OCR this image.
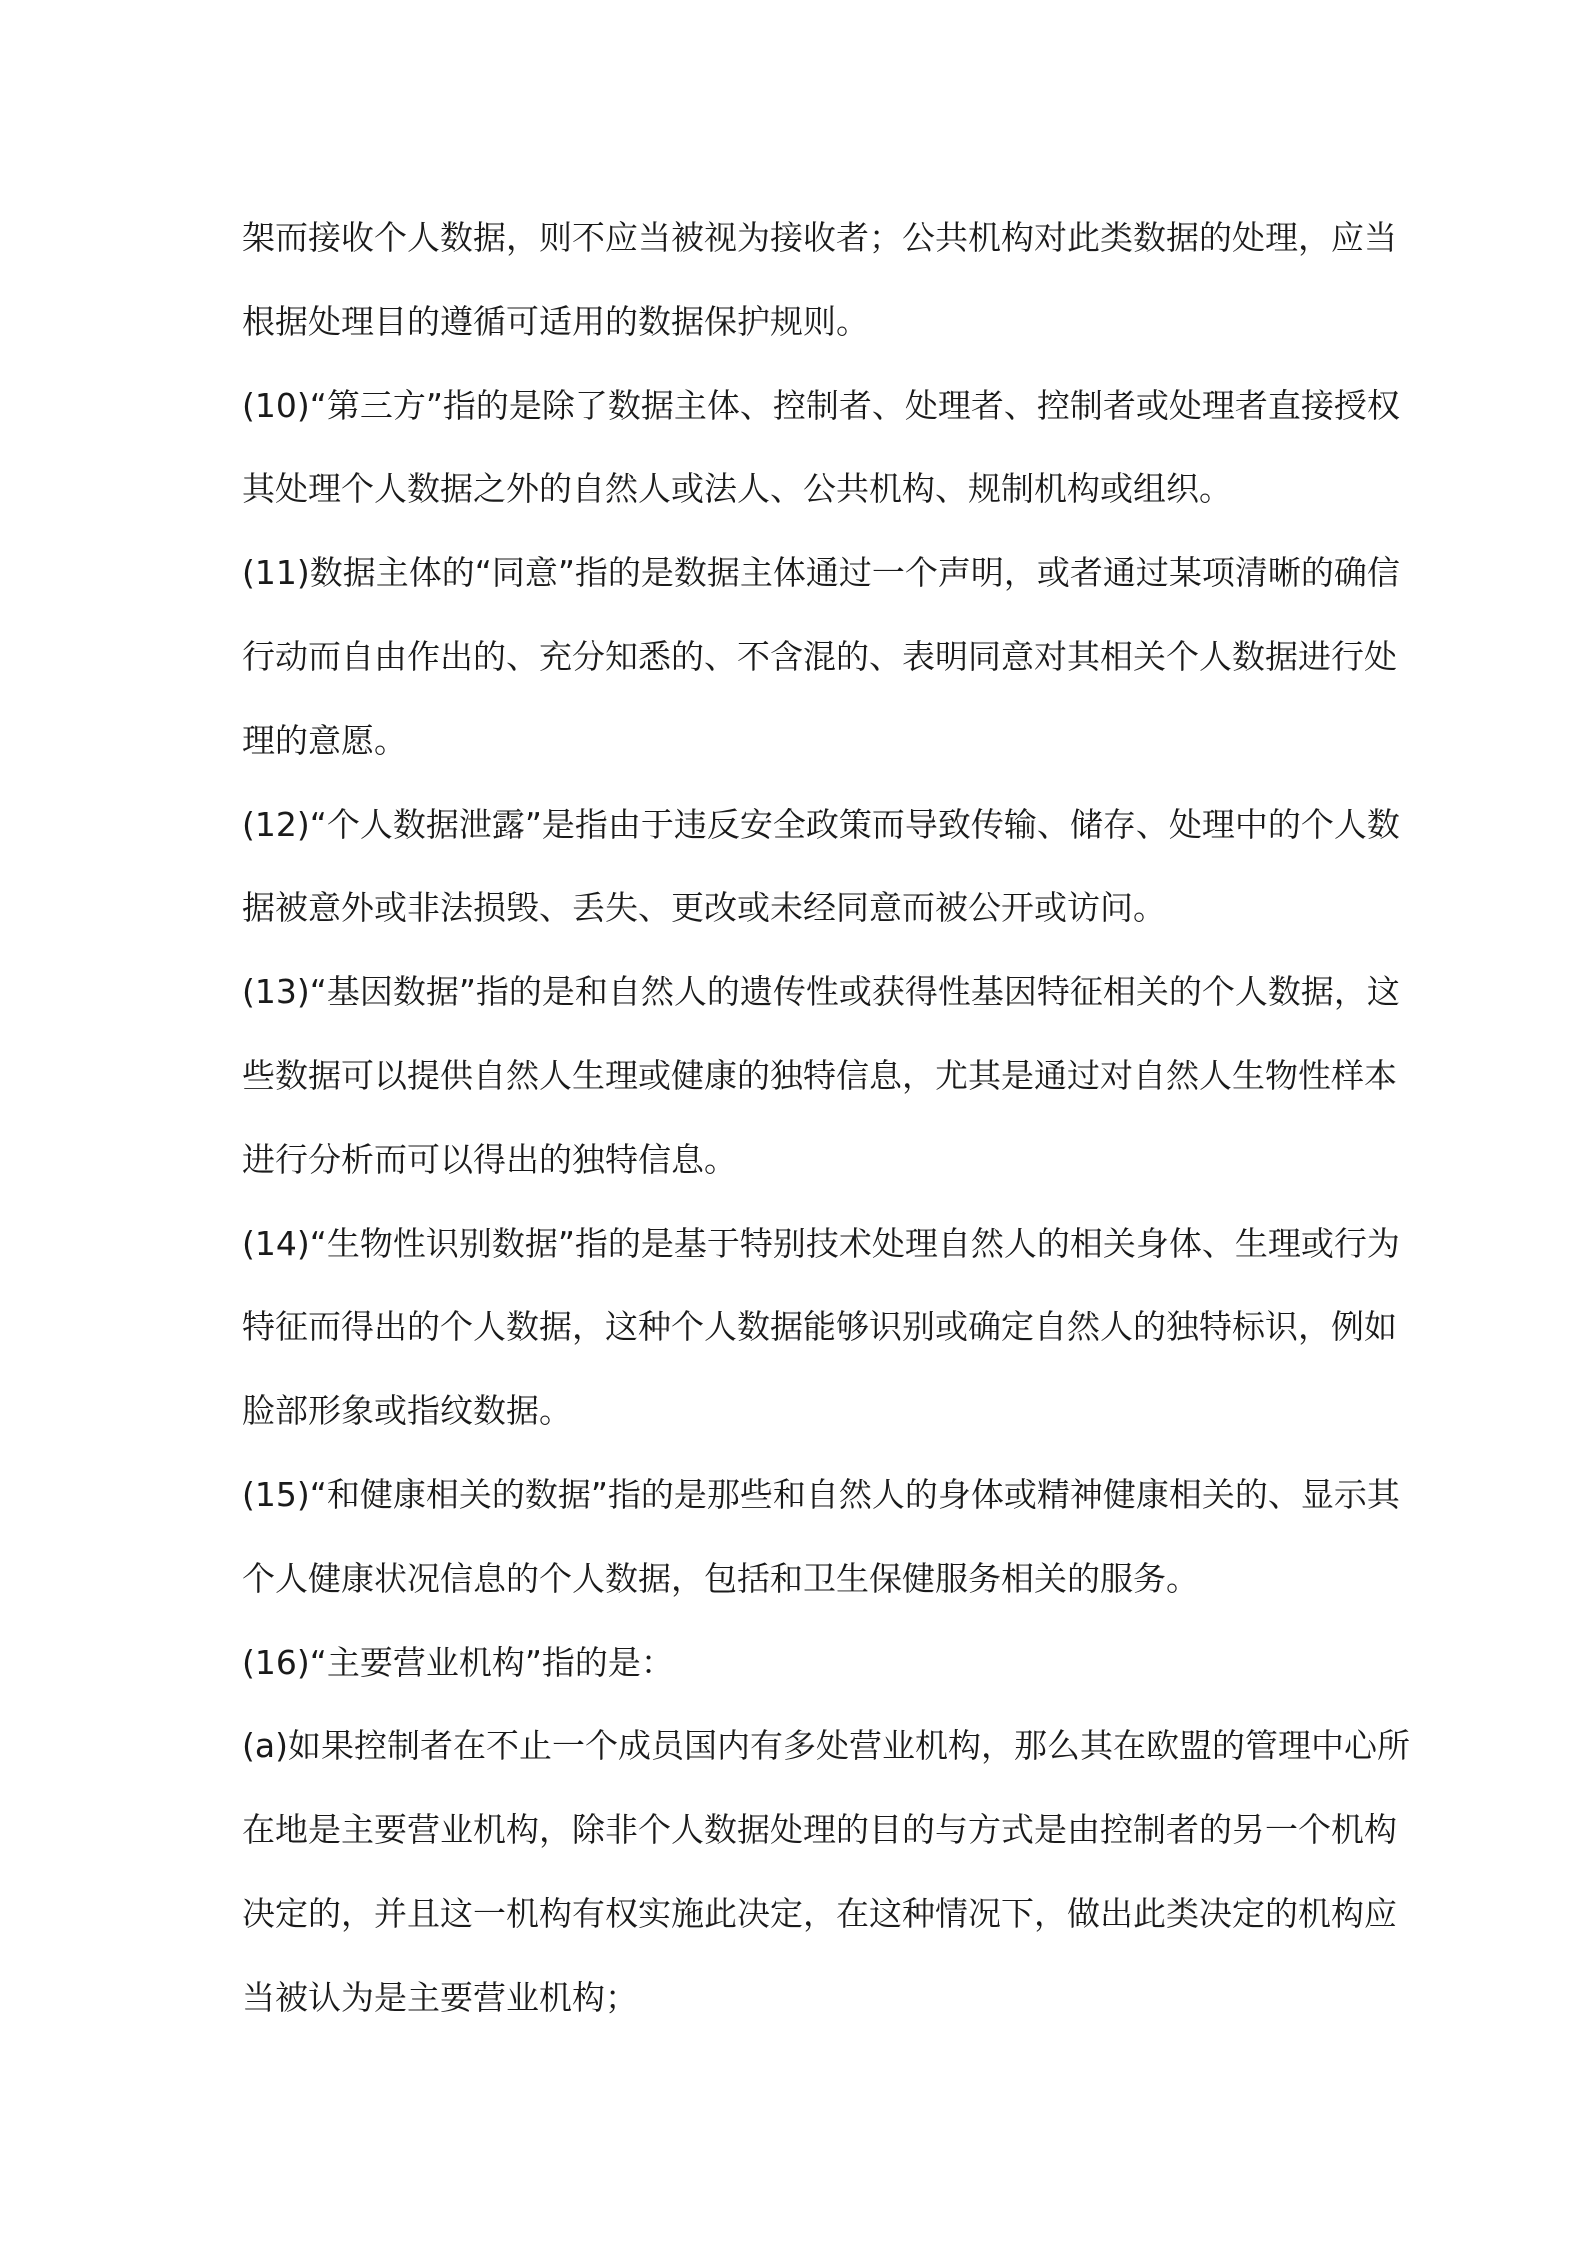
架而接收个人数据，则不应当被视为接收者；公共机构对此类数据的处理，应当
根据处理目的遵循可适用的数据保护规则。
(10)“第三方”指的是除了数据主体、控制者、处理者、控制者或处理者直接授权
其处理个人数据之外的自然人或法人、公共机构、规制机构或组织。
(11)数据主体的“同意”指的是数据主体通过一个声明，或者通过某项清晰的确信
行动而自由作出的、充分知悉的、不含混的、表明同意对其相关个人数据进行处
理的意愿。
(12)“个人数据泄露”是指由于违反安全政策而导致传输、储存、处理中的个人数
据被意外或非法损毁、丢失、更改或未经同意而被公开或访问。
(13)“基因数据”指的是和自然人的遗传性或获得性基因特征相关的个人数据，这
些数据可以提供自然人生理或健康的独特信息，尤其是通过对自然人生物性样本
进行分析而可以得出的独特信息。
(14)“生物性识别数据”指的是基于特别技术处理自然人的相关身体、生理或行为
特征而得出的个人数据，这种个人数据能够识别或确定自然人的独特标识，例如
脸部形象或指纹数据。
(15)“和健康相关的数据”指的是那些和自然人的身体或精神健康相关的、显示其
个人健康状况信息的个人数据，包括和卫生保健服务相关的服务。
(16)“主要营业机构”指的是：
(a)如果控制者在不止一个成员国内有多处营业机构，那么其在欧盟的管理中心所
在地是主要营业机构，除非个人数据处理的目的与方式是由控制者的另一个机构
决定的，并且这一机构有权实施此决定，在这种情况下，做出此类决定的机构应
当被认为是主要营业机构；
